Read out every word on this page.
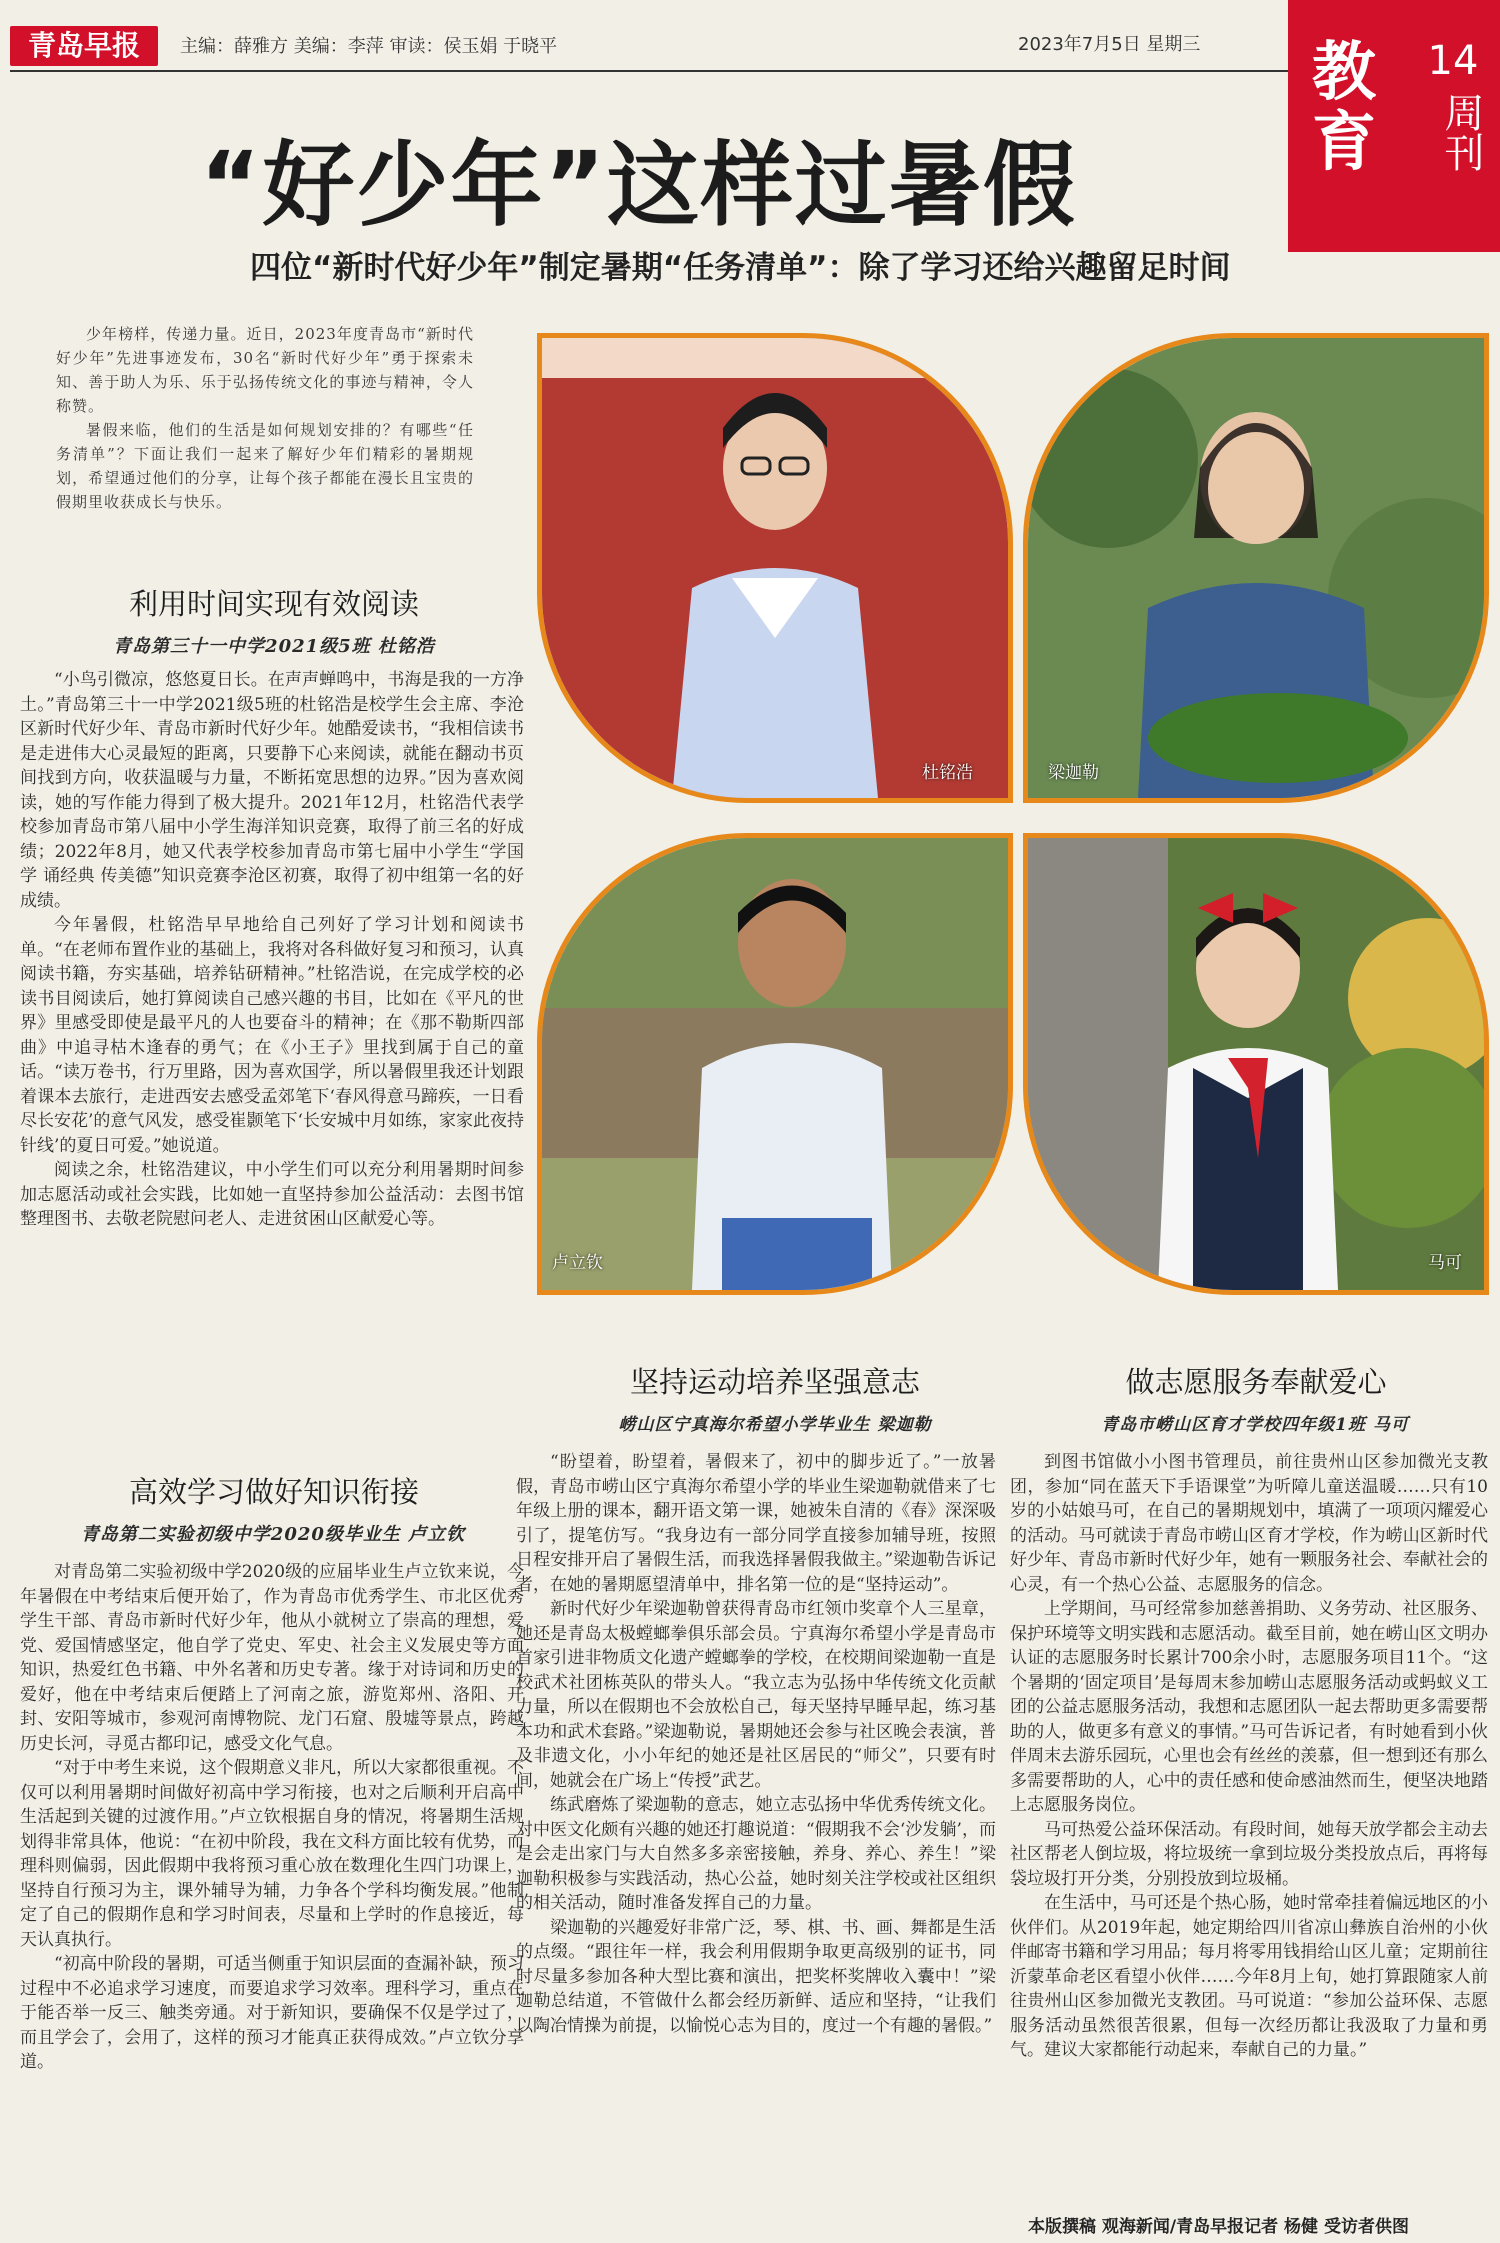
青岛早报	主编：薛雅方 美编：李萍 审读：侯玉娟 于晓平	2023年7月5日 星期三 教育
14
周刊
“好少年”这样过暑假
四位“新时代好少年”制定暑期“任务清单”：除了学习还给兴趣留足时间

少年榜样，传递力量。近日，2023年度青岛市“新时代好少年”先进事迹发布，30名“新时代好少年”勇于探索未知、善于助人为乐、乐于弘扬传统文化的事迹与精神，令人称赞。

暑假来临，他们的生活是如何规划安排的？有哪些“任务清单”？下面让我们一起来了解好少年们精彩的暑期规划，希望通过他们的分享，让每个孩子都能在漫长且宝贵的假期里收获成长与快乐。

利用时间实现有效阅读
青岛第三十一中学2021级5班 杜铭浩

“小鸟引微凉，悠悠夏日长。在声声蝉鸣中，书海是我的一方净土。”青岛第三十一中学2021级5班的杜铭浩是校学生会主席、李沧区新时代好少年、青岛市新时代好少年。她酷爱读书，“我相信读书是走进伟大心灵最短的距离，只要静下心来阅读，就能在翻动书页间找到方向，收获温暖与力量，不断拓宽思想的边界。”因为喜欢阅读，她的写作能力得到了极大提升。2021年12月，杜铭浩代表学校参加青岛市第八届中小学生海洋知识竞赛，取得了前三名的好成绩；2022年8月，她又代表学校参加青岛市第七届中小学生“学国学 诵经典 传美德”知识竞赛李沧区初赛，取得了初中组第一名的好成绩。

今年暑假，杜铭浩早早地给自己列好了学习计划和阅读书单。“在老师布置作业的基础上，我将对各科做好复习和预习，认真阅读书籍，夯实基础，培养钻研精神。”杜铭浩说，在完成学校的必读书目阅读后，她打算阅读自己感兴趣的书目，比如在《平凡的世界》里感受即使是最平凡的人也要奋斗的精神；在《那不勒斯四部曲》中追寻枯木逢春的勇气；在《小王子》里找到属于自己的童话。“读万卷书，行万里路，因为喜欢国学，所以暑假里我还计划跟着课本去旅行，走进西安去感受孟郊笔下‘春风得意马蹄疾，一日看尽长安花’的意气风发，感受崔颢笔下‘长安城中月如练，家家此夜持针线’的夏日可爱。”她说道。

阅读之余，杜铭浩建议，中小学生们可以充分利用暑期时间参加志愿活动或社会实践，比如她一直坚持参加公益活动：去图书馆整理图书、去敬老院慰问老人、走进贫困山区献爱心等。

高效学习做好知识衔接
青岛第二实验初级中学2020级毕业生 卢立钦

对青岛第二实验初级中学2020级的应届毕业生卢立钦来说，今年暑假在中考结束后便开始了，作为青岛市优秀学生、市北区优秀学生干部、青岛市新时代好少年，他从小就树立了崇高的理想，爱党、爱国情感坚定，他自学了党史、军史、社会主义发展史等方面知识，热爱红色书籍、中外名著和历史专著。缘于对诗词和历史的爱好，他在中考结束后便踏上了河南之旅，游览郑州、洛阳、开封、安阳等城市，参观河南博物院、龙门石窟、殷墟等景点，跨越历史长河，寻觅古都印记，感受文化气息。

“对于中考生来说，这个假期意义非凡，所以大家都很重视。不仅可以利用暑期时间做好初高中学习衔接，也对之后顺利开启高中生活起到关键的过渡作用。”卢立钦根据自身的情况，将暑期生活规划得非常具体，他说：“在初中阶段，我在文科方面比较有优势，而理科则偏弱，因此假期中我将预习重心放在数理化生四门功课上，坚持自行预习为主，课外辅导为辅，力争各个学科均衡发展。”他制定了自己的假期作息和学习时间表，尽量和上学时的作息接近，每天认真执行。

“初高中阶段的暑期，可适当侧重于知识层面的查漏补缺，预习过程中不必追求学习速度，而要追求学习效率。理科学习，重点在于能否举一反三、触类旁通。对于新知识，要确保不仅是学过了，而且学会了，会用了，这样的预习才能真正获得成效。”卢立钦分享道。

杜铭浩	梁迦勒
卢立钦	马可
坚持运动培养坚强意志
崂山区宁真海尔希望小学毕业生 梁迦勒

“盼望着，盼望着，暑假来了，初中的脚步近了。”一放暑假，青岛市崂山区宁真海尔希望小学的毕业生梁迦勒就借来了七年级上册的课本，翻开语文第一课，她被朱自清的《春》深深吸引了，提笔仿写。“我身边有一部分同学直接参加辅导班，按照日程安排开启了暑假生活，而我选择暑假我做主。”梁迦勒告诉记者，在她的暑期愿望清单中，排名第一位的是“坚持运动”。

新时代好少年梁迦勒曾获得青岛市红领巾奖章个人三星章，她还是青岛太极螳螂拳俱乐部会员。宁真海尔希望小学是青岛市首家引进非物质文化遗产螳螂拳的学校，在校期间梁迦勒一直是校武术社团栋英队的带头人。“我立志为弘扬中华传统文化贡献力量，所以在假期也不会放松自己，每天坚持早睡早起，练习基本功和武术套路。”梁迦勒说，暑期她还会参与社区晚会表演，普及非遗文化，小小年纪的她还是社区居民的“师父”，只要有时间，她就会在广场上“传授”武艺。

练武磨炼了梁迦勒的意志，她立志弘扬中华优秀传统文化。对中医文化颇有兴趣的她还打趣说道：“假期我不会‘沙发躺’，而是会走出家门与大自然多多亲密接触，养身、养心、养生！”梁迦勒积极参与实践活动，热心公益，她时刻关注学校或社区组织的相关活动，随时准备发挥自己的力量。

梁迦勒的兴趣爱好非常广泛，琴、棋、书、画、舞都是生活的点缀。“跟往年一样，我会利用假期争取更高级别的证书，同时尽量多参加各种大型比赛和演出，把奖杯奖牌收入囊中！”梁迦勒总结道，不管做什么都会经历新鲜、适应和坚持，“让我们以陶冶情操为前提，以愉悦心志为目的，度过一个有趣的暑假。”

做志愿服务奉献爱心
青岛市崂山区育才学校四年级1班 马可

到图书馆做小小图书管理员，前往贵州山区参加微光支教团，参加“同在蓝天下手语课堂”为听障儿童送温暖……只有10岁的小姑娘马可，在自己的暑期规划中，填满了一项项闪耀爱心的活动。马可就读于青岛市崂山区育才学校，作为崂山区新时代好少年、青岛市新时代好少年，她有一颗服务社会、奉献社会的心灵，有一个热心公益、志愿服务的信念。

上学期间，马可经常参加慈善捐助、义务劳动、社区服务、保护环境等文明实践和志愿活动。截至目前，她在崂山区文明办认证的志愿服务时长累计700余小时，志愿服务项目11个。“这个暑期的‘固定项目’是每周末参加崂山志愿服务活动或蚂蚁义工团的公益志愿服务活动，我想和志愿团队一起去帮助更多需要帮助的人，做更多有意义的事情。”马可告诉记者，有时她看到小伙伴周末去游乐园玩，心里也会有丝丝的羡慕，但一想到还有那么多需要帮助的人，心中的责任感和使命感油然而生，便坚决地踏上志愿服务岗位。

马可热爱公益环保活动。有段时间，她每天放学都会主动去社区帮老人倒垃圾，将垃圾统一拿到垃圾分类投放点后，再将每袋垃圾打开分类，分别投放到垃圾桶。

在生活中，马可还是个热心肠，她时常牵挂着偏远地区的小伙伴们。从2019年起，她定期给四川省凉山彝族自治州的小伙伴邮寄书籍和学习用品；每月将零用钱捐给山区儿童；定期前往沂蒙革命老区看望小伙伴……今年8月上旬，她打算跟随家人前往贵州山区参加微光支教团。马可说道：“参加公益环保、志愿服务活动虽然很苦很累，但每一次经历都让我汲取了力量和勇气。建议大家都能行动起来，奉献自己的力量。”

本版撰稿 观海新闻/青岛早报记者 杨健 受访者供图
